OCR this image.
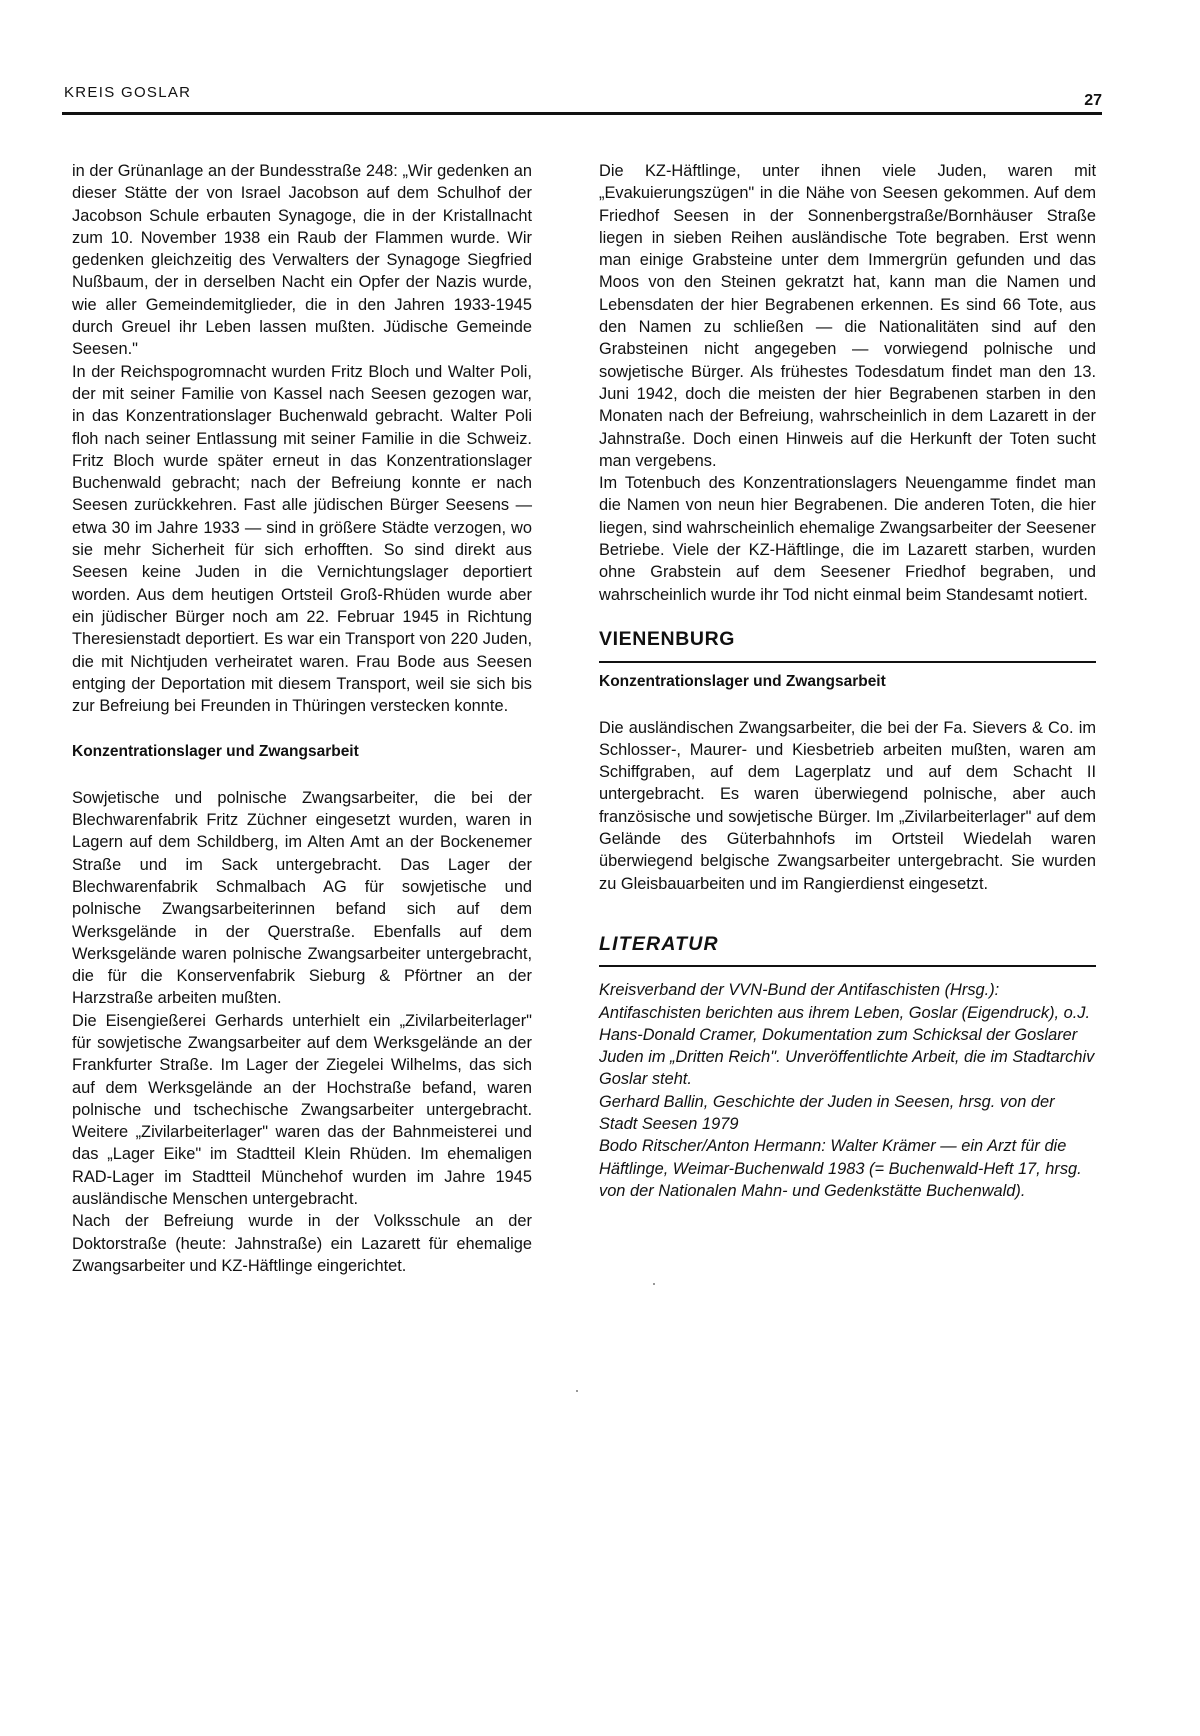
KREIS GOSLAR	27

in der Grünanlage an der Bundesstraße 248: „Wir gedenken an dieser Stätte der von Israel Jacobson auf dem Schulhof der Jacobson Schule erbauten Synagoge, die in der Kristallnacht zum 10. November 1938 ein Raub der Flammen wurde. Wir gedenken gleichzeitig des Verwalters der Synagoge Siegfried Nußbaum, der in derselben Nacht ein Opfer der Nazis wurde, wie aller Gemeindemitglieder, die in den Jahren 1933-1945 durch Greuel ihr Leben lassen mußten. Jüdische Gemeinde Seesen."

In der Reichspogromnacht wurden Fritz Bloch und Walter Poli, der mit seiner Familie von Kassel nach Seesen gezogen war, in das Konzentrationslager Buchenwald gebracht. Walter Poli floh nach seiner Entlassung mit seiner Familie in die Schweiz. Fritz Bloch wurde später erneut in das Konzentrationslager Buchenwald gebracht; nach der Befreiung konnte er nach Seesen zurückkehren. Fast alle jüdischen Bürger Seesens — etwa 30 im Jahre 1933 — sind in größere Städte verzogen, wo sie mehr Sicherheit für sich erhofften. So sind direkt aus Seesen keine Juden in die Vernichtungslager deportiert worden. Aus dem heutigen Ortsteil Groß-Rhüden wurde aber ein jüdischer Bürger noch am 22. Februar 1945 in Richtung Theresienstadt deportiert. Es war ein Transport von 220 Juden, die mit Nichtjuden verheiratet waren. Frau Bode aus Seesen entging der Deportation mit diesem Transport, weil sie sich bis zur Befreiung bei Freunden in Thüringen verstecken konnte.

Konzentrationslager und Zwangsarbeit

Sowjetische und polnische Zwangsarbeiter, die bei der Blechwarenfabrik Fritz Züchner eingesetzt wurden, waren in Lagern auf dem Schildberg, im Alten Amt an der Bockenemer Straße und im Sack untergebracht. Das Lager der Blechwarenfabrik Schmalbach AG für sowjetische und polnische Zwangsarbeiterinnen befand sich auf dem Werksgelände in der Querstraße. Ebenfalls auf dem Werksgelände waren polnische Zwangsarbeiter untergebracht, die für die Konservenfabrik Sieburg & Pförtner an der Harzstraße arbeiten mußten.

Die Eisengießerei Gerhards unterhielt ein „Zivilarbeiterlager" für sowjetische Zwangsarbeiter auf dem Werksgelände an der Frankfurter Straße. Im Lager der Ziegelei Wilhelms, das sich auf dem Werksgelände an der Hochstraße befand, waren polnische und tschechische Zwangsarbeiter untergebracht. Weitere „Zivilarbeiterlager" waren das der Bahnmeisterei und das „Lager Eike" im Stadtteil Klein Rhüden. Im ehemaligen RAD-Lager im Stadtteil Münchehof wurden im Jahre 1945 ausländische Menschen untergebracht.

Nach der Befreiung wurde in der Volksschule an der Doktorstraße (heute: Jahnstraße) ein Lazarett für ehemalige Zwangsarbeiter und KZ-Häftlinge eingerichtet.

Die KZ-Häftlinge, unter ihnen viele Juden, waren mit „Evakuierungszügen" in die Nähe von Seesen gekommen. Auf dem Friedhof Seesen in der Sonnenbergstraße/Bornhäuser Straße liegen in sieben Reihen ausländische Tote begraben. Erst wenn man einige Grabsteine unter dem Immergrün gefunden und das Moos von den Steinen gekratzt hat, kann man die Namen und Lebensdaten der hier Begrabenen erkennen. Es sind 66 Tote, aus den Namen zu schließen — die Nationalitäten sind auf den Grabsteinen nicht angegeben — vorwiegend polnische und sowjetische Bürger. Als frühestes Todesdatum findet man den 13. Juni 1942, doch die meisten der hier Begrabenen starben in den Monaten nach der Befreiung, wahrscheinlich in dem Lazarett in der Jahnstraße. Doch einen Hinweis auf die Herkunft der Toten sucht man vergebens.

Im Totenbuch des Konzentrationslagers Neuengamme findet man die Namen von neun hier Begrabenen. Die anderen Toten, die hier liegen, sind wahrscheinlich ehemalige Zwangsarbeiter der Seesener Betriebe. Viele der KZ-Häftlinge, die im Lazarett starben, wurden ohne Grabstein auf dem Seesener Friedhof begraben, und wahrscheinlich wurde ihr Tod nicht einmal beim Standesamt notiert.

VIENENBURG
Konzentrationslager und Zwangsarbeit

Die ausländischen Zwangsarbeiter, die bei der Fa. Sievers & Co. im Schlosser-, Maurer- und Kiesbetrieb arbeiten mußten, waren am Schiffgraben, auf dem Lagerplatz und auf dem Schacht II untergebracht. Es waren überwiegend polnische, aber auch französische und sowjetische Bürger. Im „Zivilarbeiterlager" auf dem Gelände des Güterbahnhofs im Ortsteil Wiedelah waren überwiegend belgische Zwangsarbeiter untergebracht. Sie wurden zu Gleisbauarbeiten und im Rangierdienst eingesetzt.

LITERATUR

Kreisverband der VVN-Bund der Antifaschisten (Hrsg.): Antifaschisten berichten aus ihrem Leben, Goslar (Eigendruck), o.J.

Hans-Donald Cramer, Dokumentation zum Schicksal der Goslarer Juden im „Dritten Reich". Unveröffentlichte Arbeit, die im Stadtarchiv Goslar steht.

Gerhard Ballin, Geschichte der Juden in Seesen, hrsg. von der Stadt Seesen 1979

Bodo Ritscher/Anton Hermann: Walter Krämer — ein Arzt für die Häftlinge, Weimar-Buchenwald 1983 (= Buchenwald-Heft 17, hrsg. von der Nationalen Mahn- und Gedenkstätte Buchenwald).
